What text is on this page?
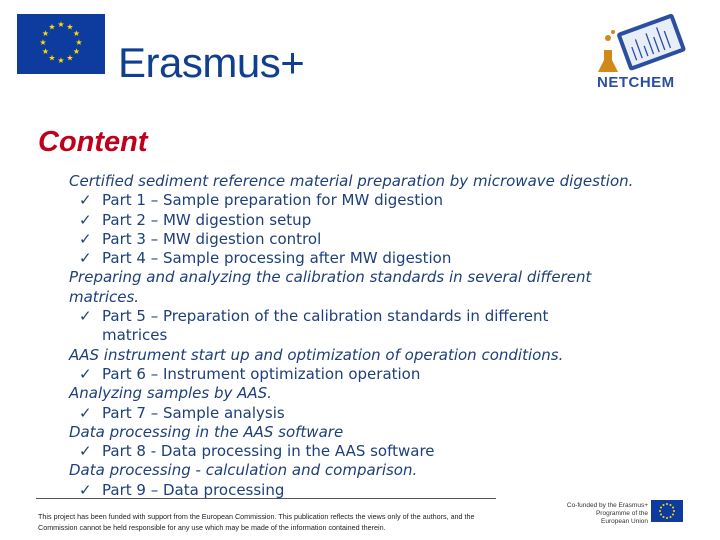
★ ★
★
★
★
★
★
★
★
★
★
★
Erasmus+	NETCHEM
Content
Certified sediment reference material preparation by microwave digestion.
✓ Part 1 – Sample preparation for MW digestion
✓ Part 2 – MW digestion setup
✓ Part 3 – MW digestion control
✓ Part 4 – Sample processing after MW digestion
Preparing and analyzing the calibration standards in several different
matrices.
✓ Part 5 – Preparation of the calibration standards in different
matrices
AAS instrument start up and optimization of operation conditions.
✓ Part 6 – Instrument optimization operation
Analyzing samples by AAS.
✓ Part 7 – Sample analysis
Data processing in the AAS software
✓ Part 8 - Data processing in the AAS software
Data processing - calculation and comparison.
✓ Part 9 – Data processing
This project has been funded with support from the European Commission. This publication reflects the views only of the authors, and the Commission cannot be held responsible for any use which may be made of the information contained therein.
Co-funded by the Erasmus+ Programme of the European Union
